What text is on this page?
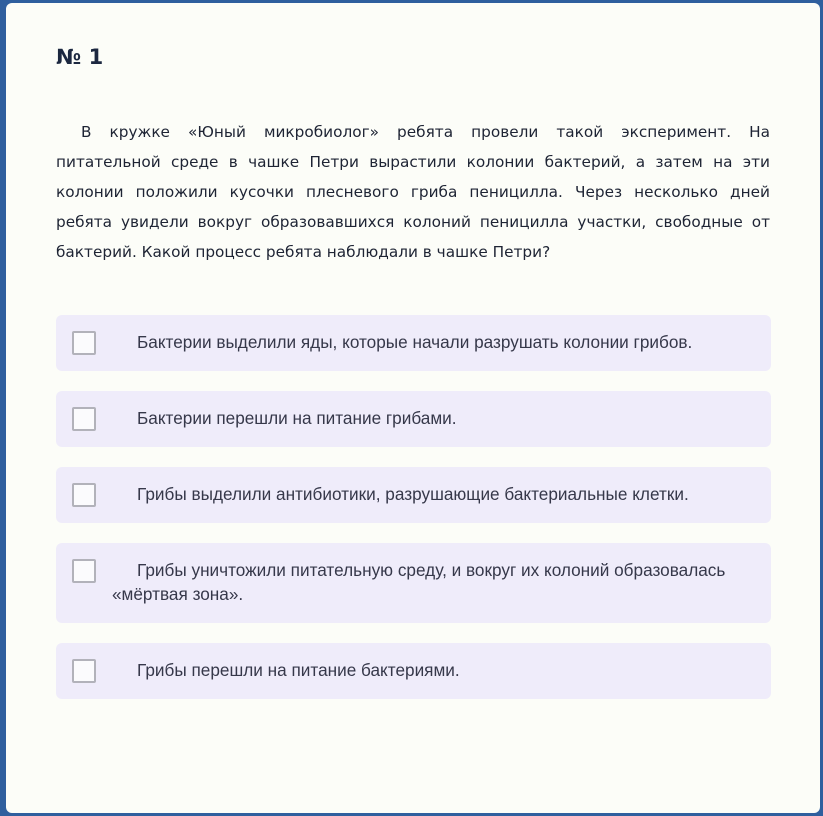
№ 1

В кружке «Юный микробиолог» ребята провели такой эксперимент. На питательной среде в чашке Петри вырастили колонии бактерий, а затем на эти колонии положили кусочки плесневого гриба пеницилла. Через несколько дней ребята увидели вокруг образовавшихся колоний пеницилла участки, свободные от бактерий. Какой процесс ребята наблюдали в чашке Петри?

Бактерии выделили яды, которые начали разрушать колонии грибов.
Бактерии перешли на питание грибами.
Грибы выделили антибиотики, разрушающие бактериальные клетки.
Грибы уничтожили питательную среду, и вокруг их колоний образовалась «мёртвая зона».
Грибы перешли на питание бактериями.
